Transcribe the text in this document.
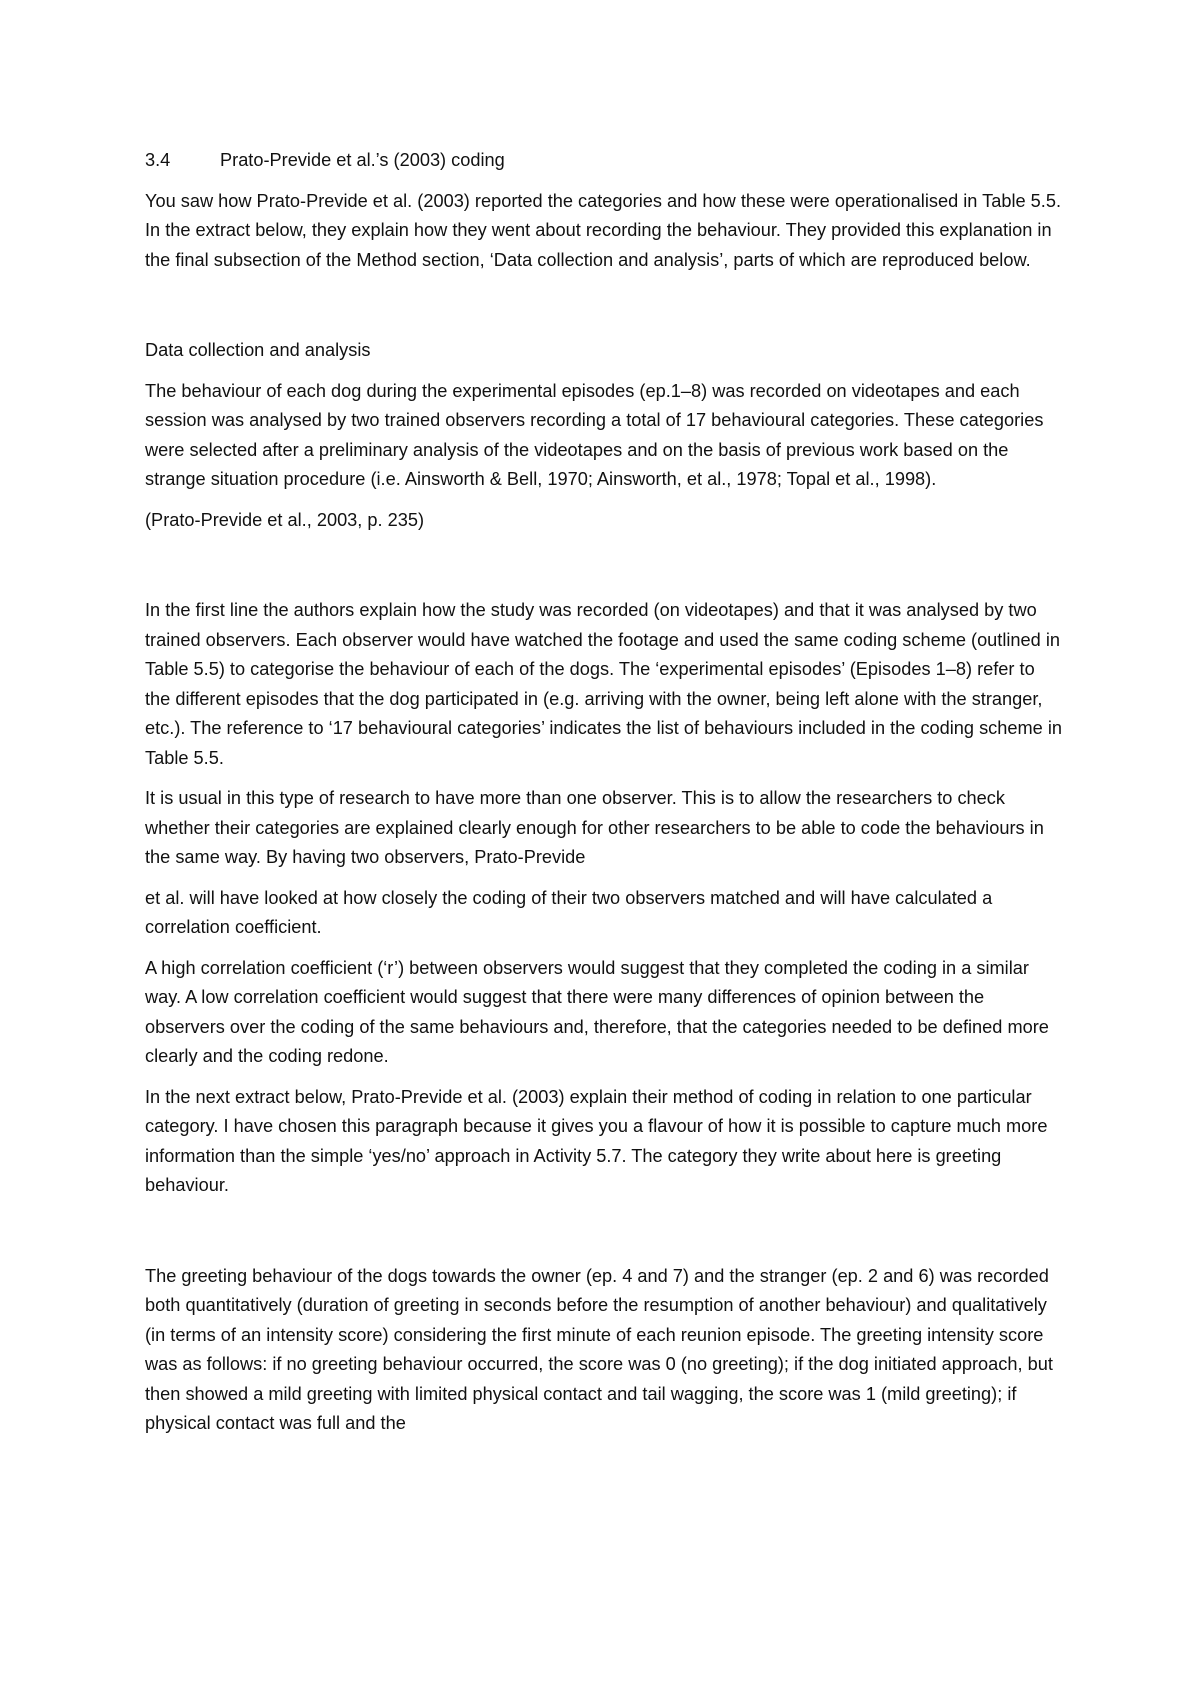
3.4	Prato-Previde et al.’s (2003) coding

You saw how Prato-Previde et al. (2003) reported the categories and how these were operationalised in Table 5.5. In the extract below, they explain how they went about recording the behaviour. They provided this explanation in the final subsection of the Method section, ‘Data collection and analysis’, parts of which are reproduced below.

Data collection and analysis

The behaviour of each dog during the experimental episodes (ep.1–8) was recorded on videotapes and each session was analysed by two trained observers recording a total of 17 behavioural categories. These categories were selected after a preliminary analysis of the videotapes and on the basis of previous work based on the strange situation procedure (i.e. Ainsworth & Bell, 1970; Ainsworth, et al., 1978; Topal et al., 1998).

(Prato-Previde et al., 2003, p. 235)

In the first line the authors explain how the study was recorded (on videotapes) and that it was analysed by two trained observers. Each observer would have watched the footage and used the same coding scheme (outlined in Table 5.5) to categorise the behaviour of each of the dogs. The ‘experimental episodes’ (Episodes 1–8) refer to the different episodes that the dog participated in (e.g. arriving with the owner, being left alone with the stranger, etc.). The reference to ‘17 behavioural categories’ indicates the list of behaviours included in the coding scheme in Table 5.5.

It is usual in this type of research to have more than one observer. This is to allow the researchers to check whether their categories are explained clearly enough for other researchers to be able to code the behaviours in the same way. By having two observers, Prato-Previde

et al. will have looked at how closely the coding of their two observers matched and will have calculated a correlation coefficient.

A high correlation coefficient (‘r’) between observers would suggest that they completed the coding in a similar way. A low correlation coefficient would suggest that there were many differences of opinion between the observers over the coding of the same behaviours and, therefore, that the categories needed to be defined more clearly and the coding redone.

In the next extract below, Prato-Previde et al. (2003) explain their method of coding in relation to one particular category. I have chosen this paragraph because it gives you a flavour of how it is possible to capture much more information than the simple ‘yes/no’ approach in Activity 5.7. The category they write about here is greeting behaviour.

The greeting behaviour of the dogs towards the owner (ep. 4 and 7) and the stranger (ep. 2 and 6) was recorded both quantitatively (duration of greeting in seconds before the resumption of another behaviour) and qualitatively (in terms of an intensity score) considering the first minute of each reunion episode. The greeting intensity score was as follows: if no greeting behaviour occurred, the score was 0 (no greeting); if the dog initiated approach, but then showed a mild greeting with limited physical contact and tail wagging, the score was 1 (mild greeting); if physical contact was full and the
